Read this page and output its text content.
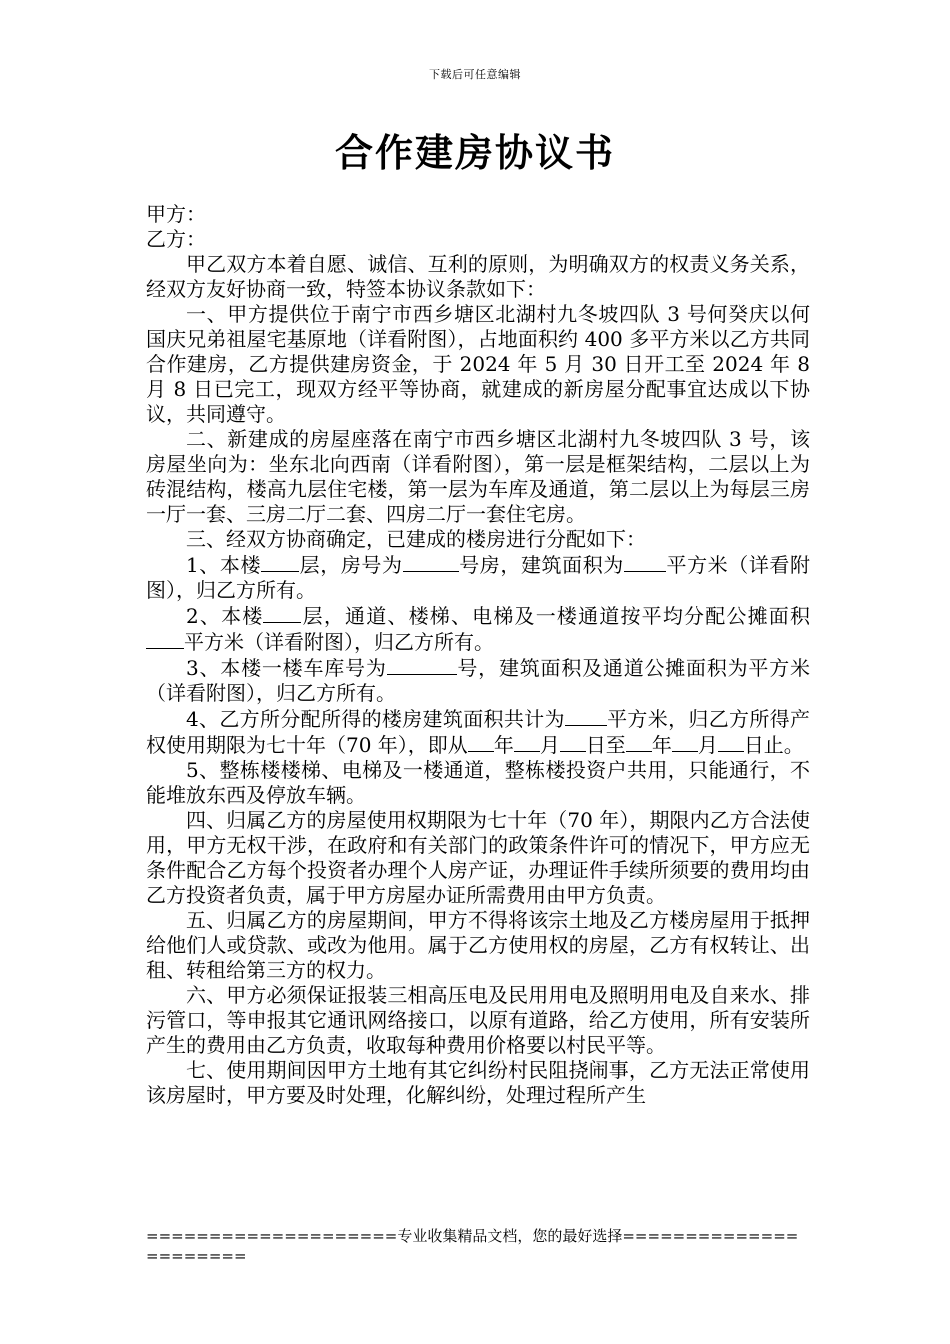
下载后可任意编辑
合作建房协议书

甲方：

乙方：

甲乙双方本着自愿、诚信、互利的原则，为明确双方的权责义务关系，经双方友好协商一致，特签本协议条款如下：

一、甲方提供位于南宁市西乡塘区北湖村九冬坡四队 3 号何癸庆以何国庆兄弟祖屋宅基原地（详看附图），占地面积约 400 多平方米以乙方共同合作建房，乙方提供建房资金，于 2024 年 5 月 30 日开工至 2024 年 8 月 8 日已完工，现双方经平等协商，就建成的新房屋分配事宜达成以下协议，共同遵守。

二、新建成的房屋座落在南宁市西乡塘区北湖村九冬坡四队 3 号，该房屋坐向为：坐东北向西南（详看附图），第一层是框架结构，二层以上为砖混结构，楼高九层住宅楼，第一层为车库及通道，第二层以上为每层三房一厅一套、三房二厅二套、四房二厅一套住宅房。

三、经双方协商确定，已建成的楼房进行分配如下：

1、本楼 层，房号为	号房，建筑面积为 平方米（详看附图），归乙方所有。

2、本楼 层，通道、楼梯、电梯及一楼通道按平均分配公摊面积平方米（详看附图），归乙方所有。

3、本楼一楼车库号为	号，建筑面积及通道公摊面积为平方米（详看附图），归乙方所有。

4、乙方所分配所得的楼房建筑面积共计为 平方米，归乙方所得产权使用期限为七十年（70 年），即从 年 月 日至 年 月 日止。

5、整栋楼楼梯、电梯及一楼通道，整栋楼投资户共用，只能通行，不能堆放东西及停放车辆。

四、归属乙方的房屋使用权期限为七十年（70 年），期限内乙方合法使用，甲方无权干涉，在政府和有关部门的政策条件许可的情况下，甲方应无条件配合乙方每个投资者办理个人房产证，办理证件手续所须要的费用均由乙方投资者负责，属于甲方房屋办证所需费用由甲方负责。

五、归属乙方的房屋期间，甲方不得将该宗土地及乙方楼房屋用于抵押给他们人或贷款、或改为他用。属于乙方使用权的房屋，乙方有权转让、出租、转租给第三方的权力。

六、甲方必须保证报装三相高压电及民用用电及照明用电及自来水、排污管口，等申报其它通讯网络接口，以原有道路，给乙方使用，所有安装所产生的费用由乙方负责，收取每种费用价格要以村民平等。

七、使用期间因甲方土地有其它纠纷村民阻挠闹事，乙方无法正常使用该房屋时，甲方要及时处理，化解纠纷，处理过程所产生

====================专业收集精品文档，您的最好选择======================
